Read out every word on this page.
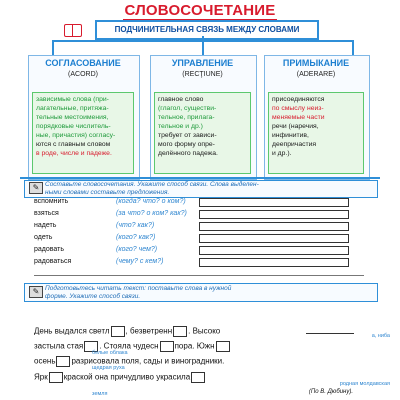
СЛОВОСОЧЕТАНИЕ
ПОДЧИНИТЕЛЬНАЯ СВЯЗЬ МЕЖДУ СЛОВАМИ
СОГЛАСОВАНИЕ
(ACORD)
зависимые слова (при-
лагательные, притяжа-
тельные местоимения,
порядковые числитель-
ные, причастия) согласу-
ются с главным словом
в роде, числе и падеже.
УПРАВЛЕНИЕ
(RECŢIUNE)
главное слово
(глагол, существи-
тельное, прилага-
тельное и др.)
требует от зависи-
мого форму опре-
делённого падежа.
ПРИМЫКАНИЕ
(ADERARE)
присоединяются
по смыслу неиз-
меняемые части
речи (наречия,
инфинитив,
деепричастия
и др.).
✎ Составьте словосочетания. Укажите способ связи. Слова выделен-
ными словами составьте предложения.
вспомнить	(когда? что? о ком?)
взяться	(за что? о ком? как?)
надеть	(что? как?)
одеть	(кого? как?)
радовать	(кого? чем?)
радоваться	(чему? с кем?)
✎ Подготовьтесь читать текст: поставьте слова в нужной
форме. Укажите способ связи.
День выдался светл , безветренн . Высоко
застыла стая . Стояла чудесн пора. Южн
осень разрисовала поля, сады и виноградники.
Ярк краской она причудливо украсила
а, ниба
белые облака
щедрая руха
земля
родная молдавская
(По В. Дюбину).
